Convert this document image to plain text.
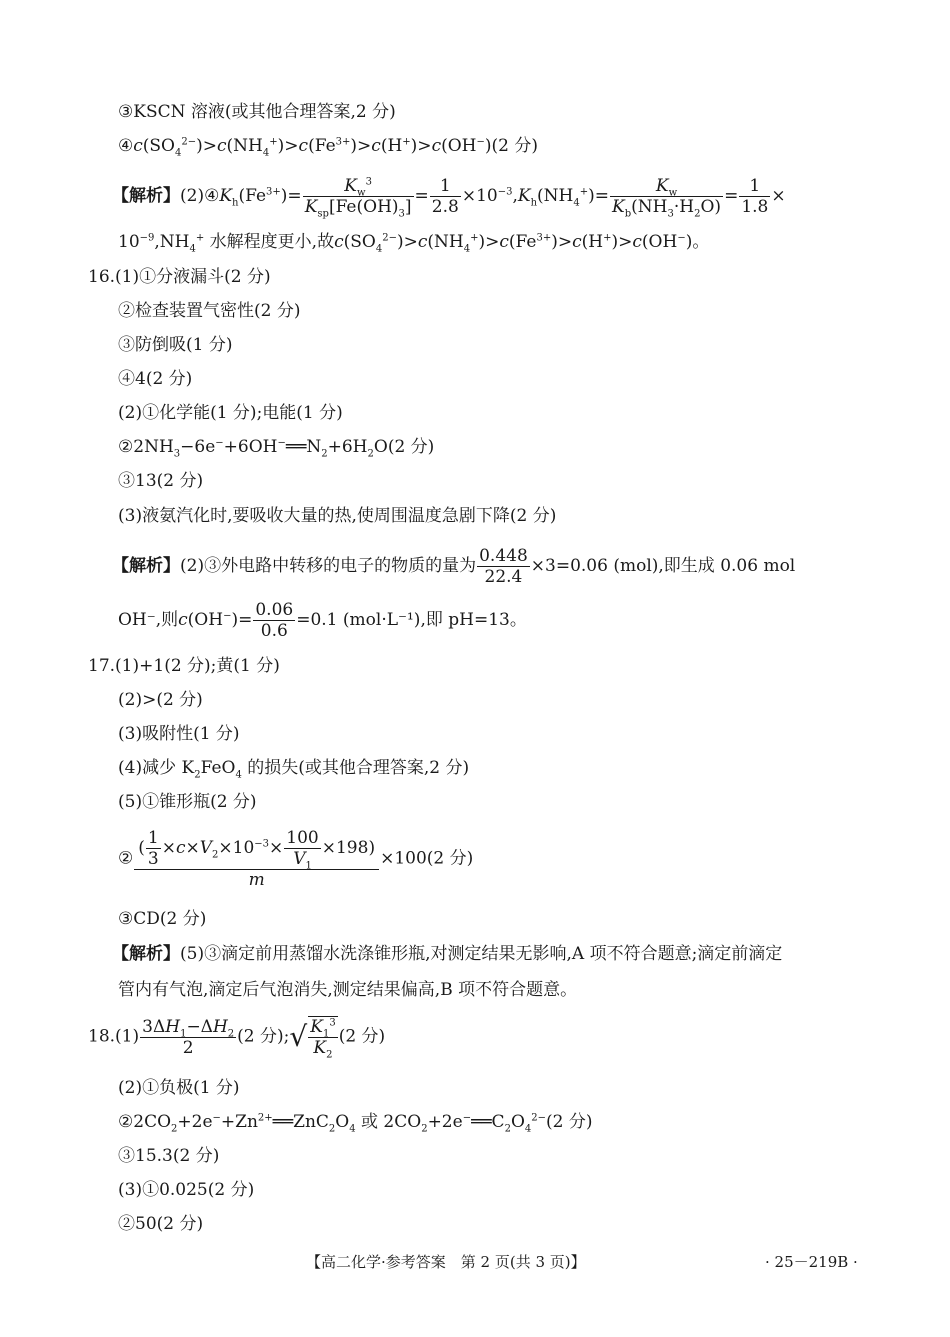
③KSCN 溶液(或其他合理答案,2 分)
$④c(SO_4^{2-})>c(NH_4^+)>c(Fe^{3+})>c(H^+)>c(OH^-)(2$ 分)
【解析】$(2)④K_h(Fe^{3+})= \frac{K_w^3}{K_{sp}[Fe(OH)_3]} = \frac{1}{2.8} \times 10^{-3},K_h(NH_4^+)= \frac{K_w}{K_b(NH_3\cdot H_2O)} = \frac{1}{1.8}$ ×
$10^{-9},NH_4^+$ 水解程度更小,故$c(SO_4^{2-})>c(NH_4^+)>c(Fe^{3+})>c(H^+)>c(OH^-)$。
16.(1)①分液漏斗(2 分)
②检查装置气密性(2 分)
③防倒吸(1 分)
④4(2 分)
(2)①化学能(1 分);电能(1 分)
$②2NH_3-6e^-+6OH^-══N_2+6H_2O(2$ 分)
③13(2 分)
(3)液氨汽化时,要吸收大量的热,使周围温度急剧下降(2 分)
【解析】(2)③外电路中转移的电子的物质的量为 $\frac{0.448}{22.4} \times 3=0.06$ (mol),即生成 0.06 mol
OH⁻,则$c(OH^-)= \frac{0.06}{0.6} =0.1$ (mol·L⁻¹),即 pH=13。
17.(1)+1(2 分);黄(1 分)
(2)>(2 分)
(3)吸附性(1 分)
(4)减少 $K_2FeO_4$ 的损失(或其他合理答案,2 分)
(5)①锥形瓶(2 分)
② $\frac{( \frac{1}{3} \times c\times V_2\times 10^{-3}\times \frac{100}{V_1} \times 198)}{m} \times 100(2$ 分)
③CD(2 分)
【解析】(5)③滴定前用蒸馏水洗涤锥形瓶,对测定结果无影响,A 项不符合题意;滴定前滴定
管内有气泡,滴定后气泡消失,测定结果偏高,B 项不符合题意。
$18.(1) \frac{3\Delta H_1-\Delta H_2}{2} (2$ 分);√ $\frac{K_1^3}{K_2} (2$ 分)
(2)①负极(1 分)
$②2CO_2+2e^-+Zn^{2+}══ZnC_2O_4$ 或 $2CO_2+2e^-══C_2O_4^{2-}(2$ 分)
③15.3(2 分)
(3)①0.025(2 分)
②50(2 分)
【高二化学·参考答案　第 2 页(共 3 页)】	· 25－219B ·
